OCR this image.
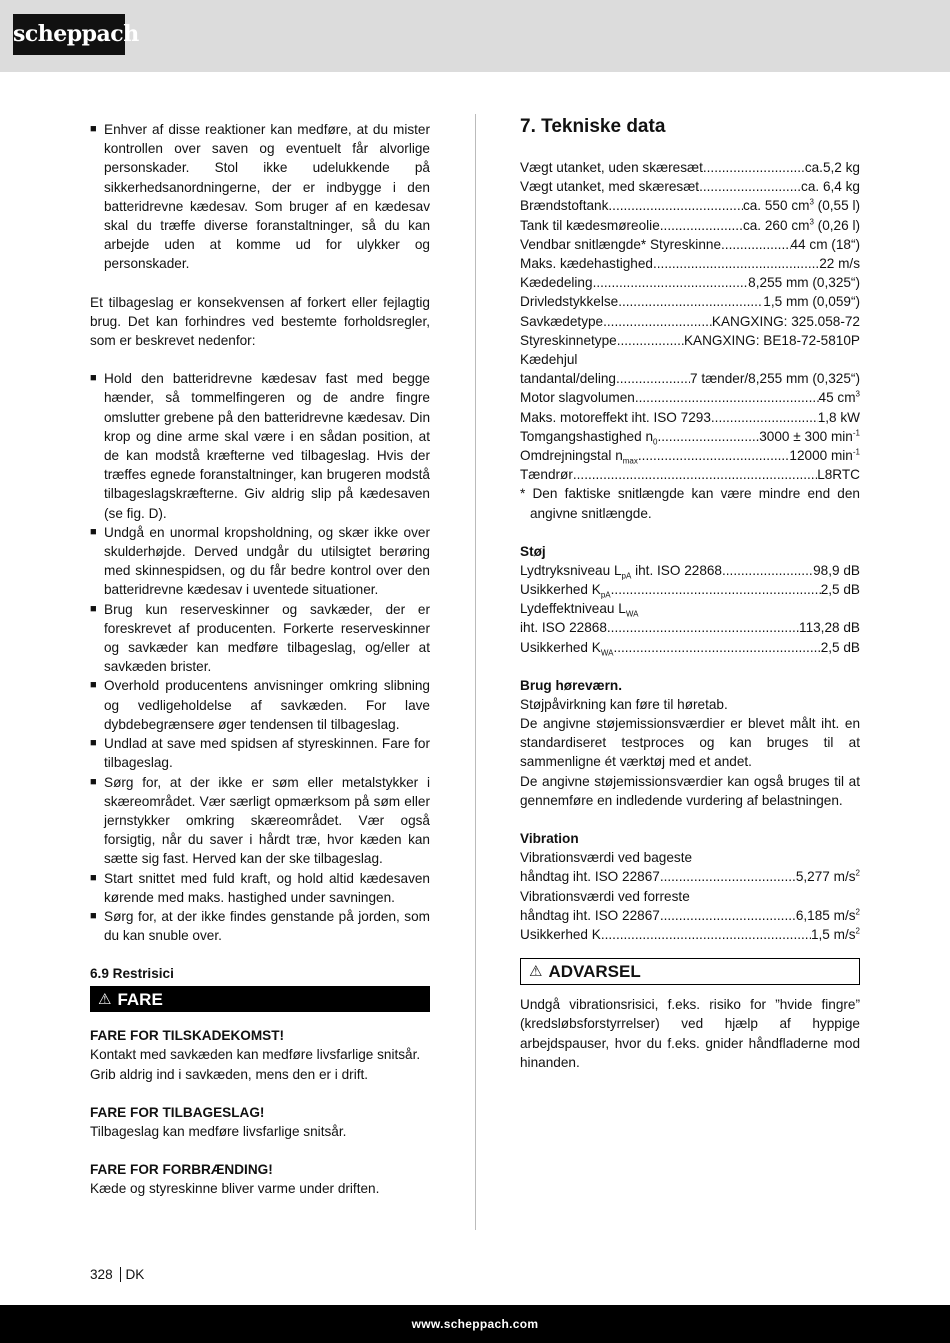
scheppach
■ Enhver af disse reaktioner kan medføre, at du mister kontrollen over saven og eventuelt får alvorlige personskader. Stol ikke udelukkende på sikkerhedsanordningerne, der er indbygge i den batteridrevne kædesav. Som bruger af en kædesav skal du træffe diverse foranstaltninger, så du kan arbejde uden at komme ud for ulykker og personskader.

Et tilbageslag er konsekvensen af forkert eller fejlagtig brug. Det kan forhindres ved bestemte forholdsregler, som er beskrevet nedenfor:

■ Hold den batteridrevne kædesav fast med begge hænder, så tommelfingeren og de andre fingre omslutter grebene på den batteridrevne kædesav. Din krop og dine arme skal være i en sådan position, at de kan modstå kræfterne ved tilbageslag. Hvis der træffes egnede foranstaltninger, kan brugeren modstå tilbageslagskræfterne. Giv aldrig slip på kædesaven (se fig. D).
■ Undgå en unormal kropsholdning, og skær ikke over skulderhøjde. Derved undgår du utilsigtet berøring med skinnespidsen, og du får bedre kontrol over den batteridrevne kædesav i uventede situationer.
■ Brug kun reserveskinner og savkæder, der er foreskrevet af producenten. Forkerte reserveskinner og savkæder kan medføre tilbageslag, og/eller at savkæden brister.
■ Overhold producentens anvisninger omkring slibning og vedligeholdelse af savkæden. For lave dybdebegrænsere øger tendensen til tilbageslag.
■ Undlad at save med spidsen af styreskinnen. Fare for tilbageslag.
■ Sørg for, at der ikke er søm eller metalstykker i skæreområdet. Vær særligt opmærksom på søm eller jernstykker omkring skæreområdet. Vær også forsigtig, når du saver i hårdt træ, hvor kæden kan sætte sig fast. Herved kan der ske tilbageslag.
■ Start snittet med fuld kraft, og hold altid kædesaven kørende med maks. hastighed under savningen.
■ Sørg for, at der ikke findes genstande på jorden, som du kan snuble over.
6.9 Restrisici
⚠ FARE
FARE FOR TILSKADEKOMST!

Kontakt med savkæden kan medføre livsfarlige snitsår.

Grib aldrig ind i savkæden, mens den er i drift.

FARE FOR TILBAGESLAG!

Tilbageslag kan medføre livsfarlige snitsår.

FARE FOR FORBRÆNDING!

Kæde og styreskinne bliver varme under driften.

7. Tekniske data
Vægt utanket, uden skæresæt .....	ca.5,2 kg
Vægt utanket, med skæresæt .....	ca. 6,4 kg
Brændstoftank .....	ca. 550 $cm^3$ (0,55 l)
Tank til kædesmøreolie .....	ca. 260 $cm^3$ (0,26 l)
Vendbar snitlængde* Styreskinne .....	44 cm (18“)
Maks. kædehastighed .....	22 m/s
Kædedeling .....	8,255 mm (0,325“)
Drivledstykkelse .....	1,5 mm (0,059“)
Savkædetype .....	KANGXING: 325.058-72
Styreskinnetype .....	KANGXING: BE18-72-5810P
Kædehjul
tandantal/deling .....	7 tænder/8,255 mm (0,325“)
Motor slagvolumen .....	45 $cm^3$
Maks. motoreffekt iht. ISO 7293 .....	1,8 kW
Tomgangshastighed $n_0$ .....	3000 ± 300 $\min^{-1}$
Omdrejningstal $n_{max}$ .....	12000 $\min^{-1}$
Tændrør .....	L8RTC

* Den faktiske snitlængde kan være mindre end den angivne snitlængde.

Støj
Lydtryksniveau $L_{pA}$ iht. ISO 22868 .....	98,9 dB
Usikkerhed $K_{pA}$ .....	2,5 dB
Lydeffektniveau $L_{WA}$
iht. ISO 22868 .....	113,28 dB
Usikkerhed $K_{WA}$ .....	2,5 dB
Brug høreværn.

Støjpåvirkning kan føre til høretab.

De angivne støjemissionsværdier er blevet målt iht. en standardiseret testproces og kan bruges til at sammenligne ét værktøj med et andet.

De angivne støjemissionsværdier kan også bruges til at gennemføre en indledende vurdering af belastningen.

Vibration
Vibrationsværdi ved bageste
håndtag iht. ISO 22867 .....	5,277 $m/s^2$
Vibrationsværdi ved forreste
håndtag iht. ISO 22867 .....	6,185 $m/s^2$
Usikkerhed K .....	1,5 $m/s^2$
⚠ ADVARSEL

Undgå vibrationsrisici, f.eks. risiko for ”hvide fingre” (kredsløbsforstyrrelser) ved hjælp af hyppige arbejdspauser, hvor du f.eks. gnider håndfladerne mod hinanden.

328 DK
www.scheppach.com
